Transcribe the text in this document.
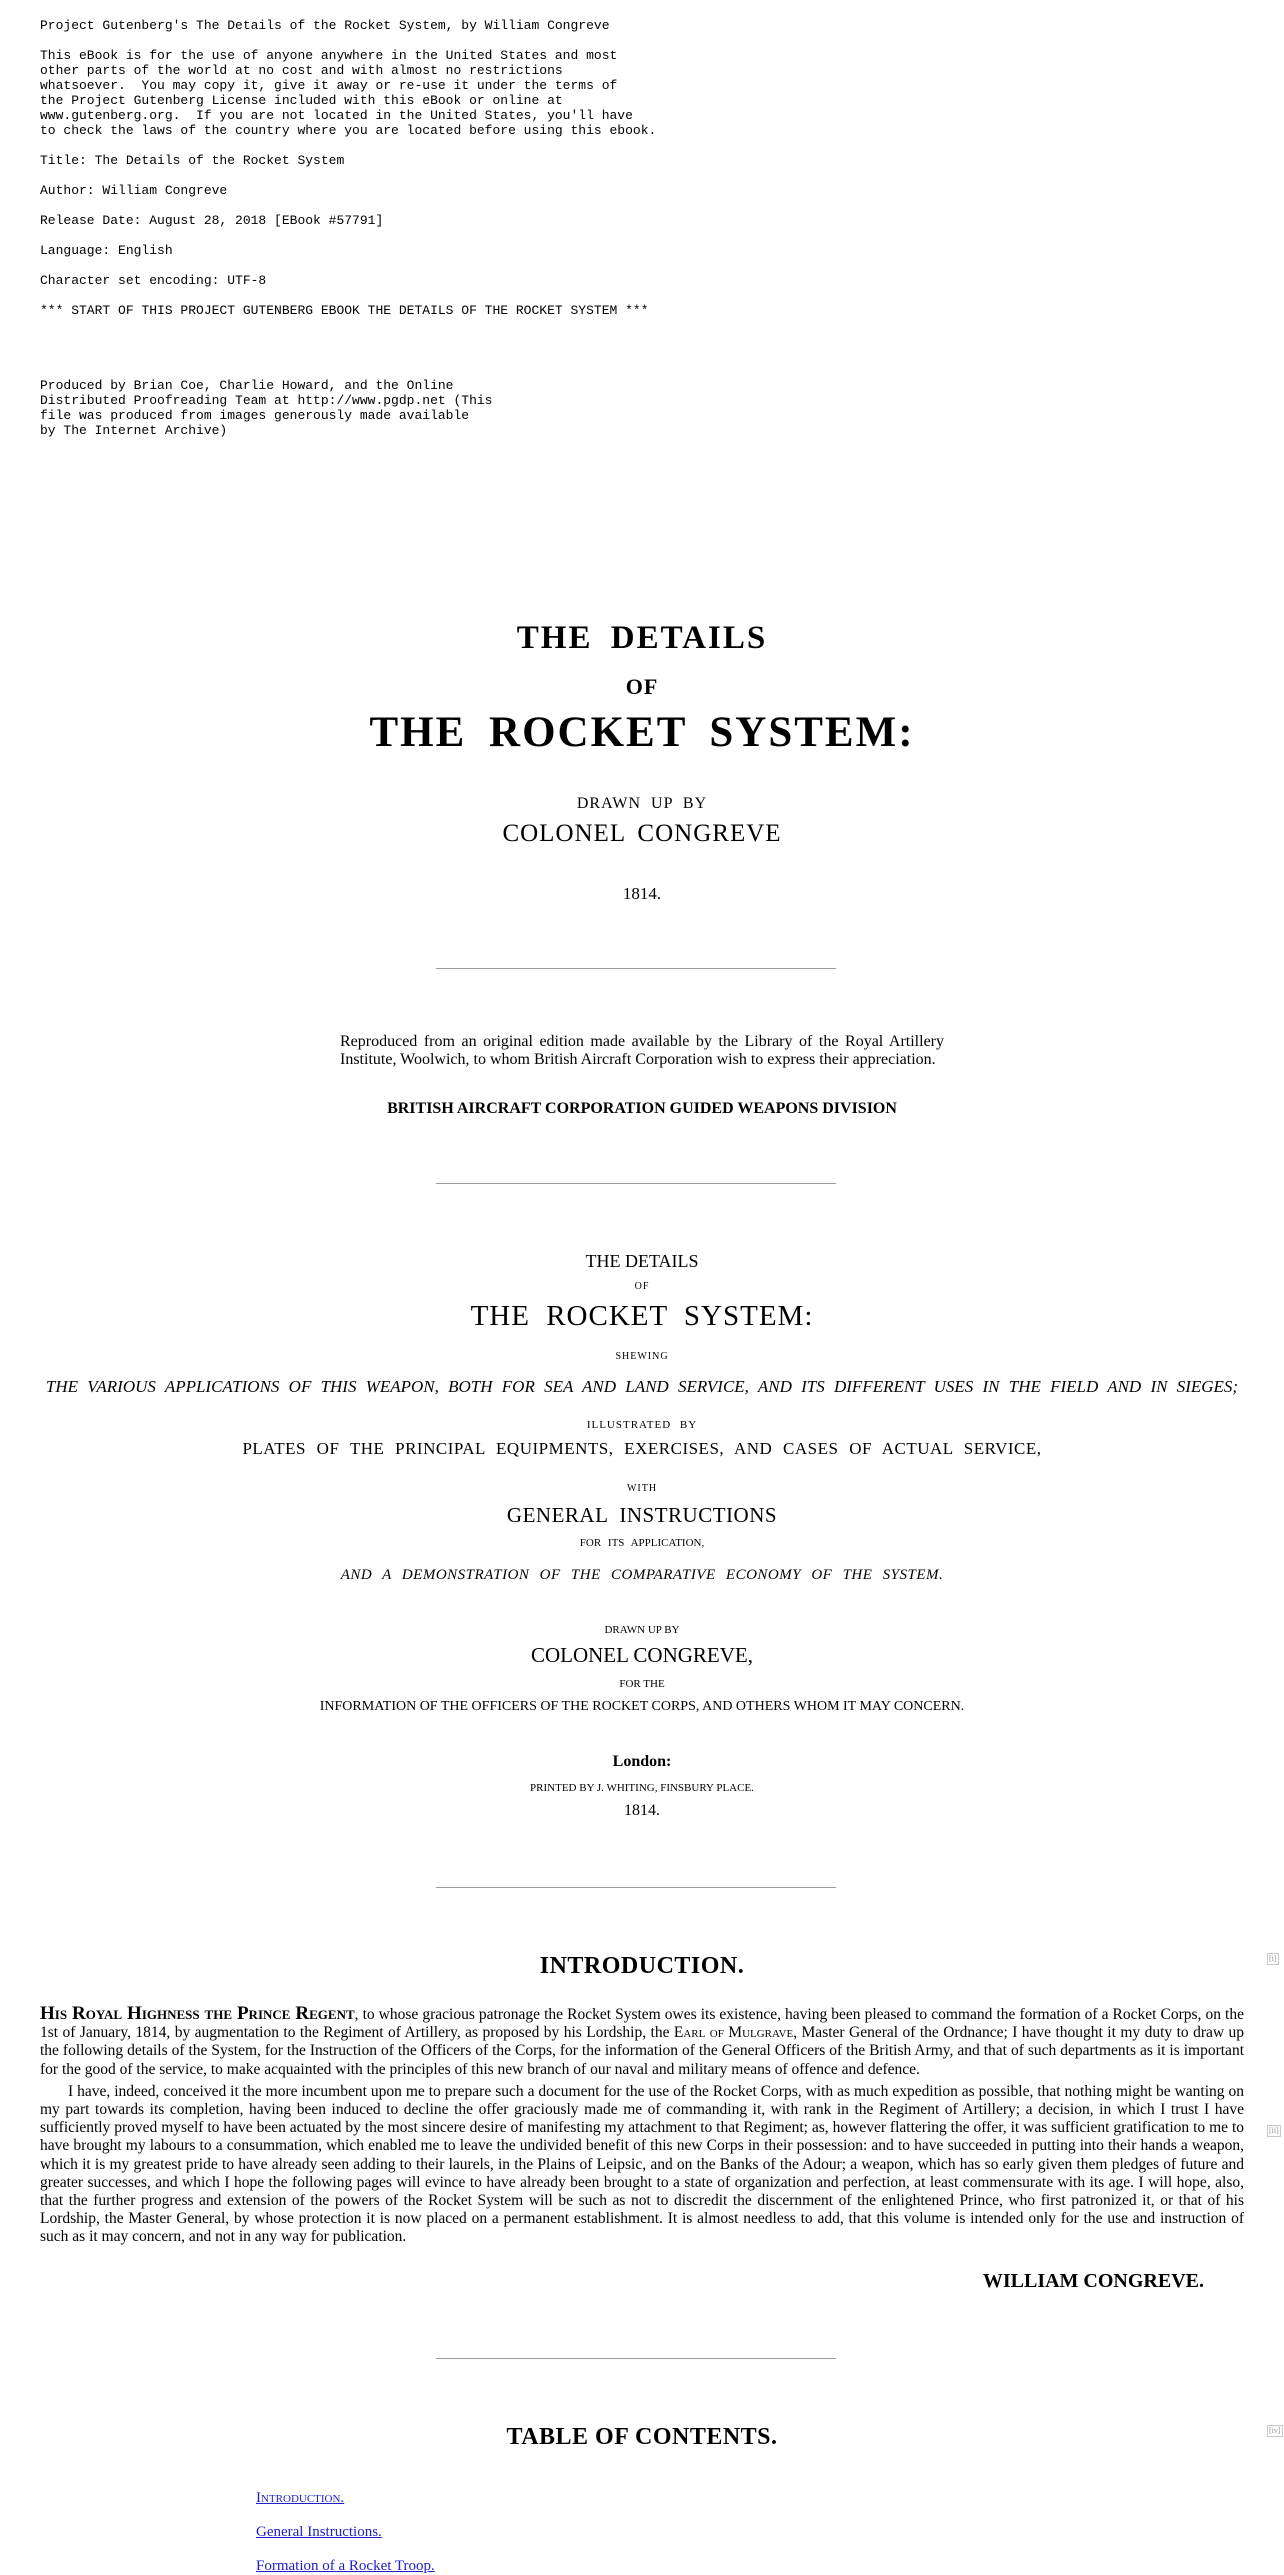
Project Gutenberg's The Details of the Rocket System, by William Congreve

This eBook is for the use of anyone anywhere in the United States and most
other parts of the world at no cost and with almost no restrictions
whatsoever.  You may copy it, give it away or re-use it under the terms of
the Project Gutenberg License included with this eBook or online at
www.gutenberg.org.  If you are not located in the United States, you'll have
to check the laws of the country where you are located before using this ebook.

Title: The Details of the Rocket System

Author: William Congreve

Release Date: August 28, 2018 [EBook #57791]

Language: English

Character set encoding: UTF-8

*** START OF THIS PROJECT GUTENBERG EBOOK THE DETAILS OF THE ROCKET SYSTEM ***

Produced by Brian Coe, Charlie Howard, and the Online
Distributed Proofreading Team at http://www.pgdp.net (This
file was produced from images generously made available
by The Internet Archive)
THE DETAILS
OF
THE ROCKET SYSTEM:
DRAWN UP BY
COLONEL CONGREVE
1814.
Reproduced from an original edition made available by the Library of the Royal Artillery Institute, Woolwich, to whom British Aircraft Corporation wish to express their appreciation.
BRITISH AIRCRAFT CORPORATION GUIDED WEAPONS DIVISION
THE DETAILS
OF
THE ROCKET SYSTEM:
SHEWING
THE VARIOUS APPLICATIONS OF THIS WEAPON, BOTH FOR SEA AND LAND SERVICE, AND ITS DIFFERENT USES IN THE FIELD AND IN SIEGES;
ILLUSTRATED BY
PLATES OF THE PRINCIPAL EQUIPMENTS, EXERCISES, AND CASES OF ACTUAL SERVICE,
WITH
GENERAL INSTRUCTIONS
FOR ITS APPLICATION,
AND A DEMONSTRATION OF THE COMPARATIVE ECONOMY OF THE SYSTEM.
DRAWN UP BY
COLONEL CONGREVE,
FOR THE
INFORMATION OF THE OFFICERS OF THE ROCKET CORPS, AND OTHERS WHOM IT MAY CONCERN.
London:
PRINTED BY J. WHITING, FINSBURY PLACE.
1814.
INTRODUCTION.	[i]

His Royal Highness the Prince Regent, to whose gracious patronage the Rocket System owes its existence, having been pleased to command the formation of a Rocket Corps, on the 1st of January, 1814, by augmentation to the Regiment of Artillery, as proposed by his Lordship, the Earl of Mulgrave, Master General of the Ordnance; I have thought it my duty to draw up the following details of the System, for the Instruction of the Officers of the Corps, for the information of the General Officers of the British Army, and that of such departments as it is important for the good of the service, to make acquainted with the principles of this new branch of our naval and military means of offence and defence.

I have, indeed, conceived it the more incumbent upon me to prepare such a document for the use of the Rocket Corps, with as much expedition as possible, that nothing might be wanting on my part towards its completion, having been induced to decline the offer graciously made me of commanding it, with rank in the Regiment of Artillery; a decision, in which I trust I have sufficiently proved myself to have been actuated by the most sincere desire of manifesting my attachment to that Regiment; as, however flattering the offer, it was sufficient gratification to me to have brought my labours to a consummation, which enabled me to leave the undivided benefit of this new Corps in their possession: and to have succeeded in putting into their hands a weapon, which it is my greatest pride to have already seen adding to their laurels, in the Plains of Leipsic, and on the Banks of the Adour; a weapon, which has so early given them pledges of future and greater successes, and which I hope the following pages will evince to have already been brought to a state of organization and perfection, at least commensurate with its age. I will hope, also, that the further progress and extension of the powers of the Rocket System will be such as not to discredit the discernment of the enlightened Prince, who first patronized it, or that of his Lordship, the Master General, by whose protection it is now placed on a permanent establishment. It is almost needless to add, that this volume is intended only for the use and instruction of such as it may concern, and not in any way for publication.

[ii]
WILLIAM CONGREVE.
TABLE OF CONTENTS.	[iv]
Introduction.
General Instructions.
Formation of a Rocket Troop.
